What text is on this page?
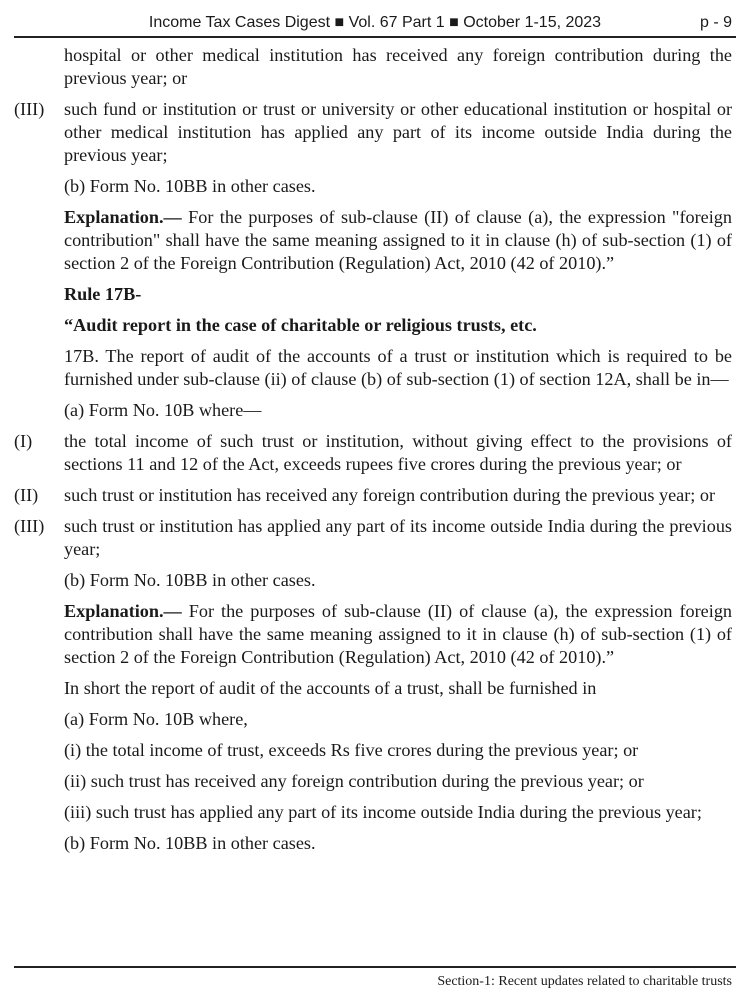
Income Tax Cases Digest ■ Vol. 67 Part 1 ■ October 1-15, 2023	p - 9

hospital or other medical institution has received any foreign contribution during the previous year; or

(III) such fund or institution or trust or university or other educational institution or hospital or other medical institution has applied any part of its income outside India during the previous year;

(b) Form No. 10BB in other cases.

Explanation.— For the purposes of sub-clause (II) of clause (a), the expression "foreign contribution" shall have the same meaning assigned to it in clause (h) of sub-section (1) of section 2 of the Foreign Contribution (Regulation) Act, 2010 (42 of 2010).”

Rule 17B-

“Audit report in the case of charitable or religious trusts, etc.

17B. The report of audit of the accounts of a trust or institution which is required to be furnished under sub-clause (ii) of clause (b) of sub-section (1) of section 12A, shall be in—

(a) Form No. 10B where—

(I) the total income of such trust or institution, without giving effect to the provisions of sections 11 and 12 of the Act, exceeds rupees five crores during the previous year; or
(II) such trust or institution has received any foreign contribution during the previous year; or
(III) such trust or institution has applied any part of its income outside India during the previous year;

(b) Form No. 10BB in other cases.

Explanation.— For the purposes of sub-clause (II) of clause (a), the expression foreign contribution shall have the same meaning assigned to it in clause (h) of sub-section (1) of section 2 of the Foreign Contribution (Regulation) Act, 2010 (42 of 2010).”

In short the report of audit of the accounts of a trust, shall be furnished in

(a) Form No. 10B where,

(i) the total income of trust, exceeds Rs five crores during the previous year; or

(ii) such trust has received any foreign contribution during the previous year; or

(iii) such trust has applied any part of its income outside India during the previous year;

(b) Form No. 10BB in other cases.

Section-1: Recent updates related to charitable trusts
